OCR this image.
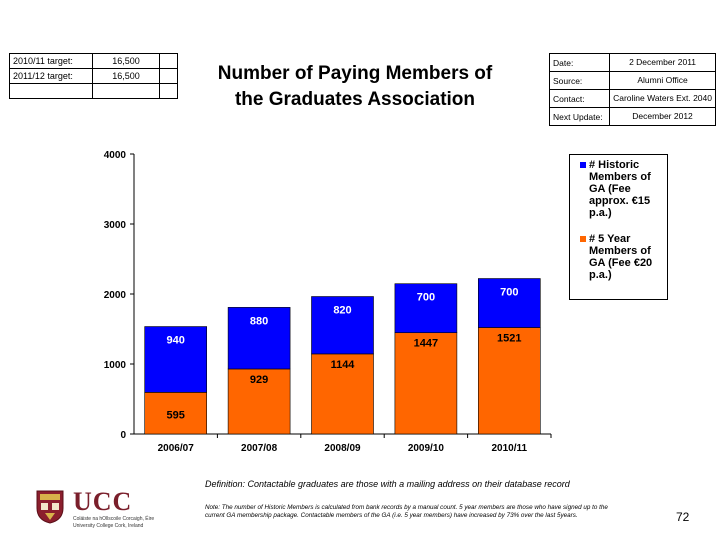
2010/11 target:	16,500	
2011/12 target:	16,500	
			Number of Paying Members of
the Graduates Association
Date:	2 December 2011
Source:	Alumni Office
Contact:	Caroline Waters Ext. 2040
Next Update:	December 2012
0
1000
2000
3000
4000
2006/07
595
940
2007/08
929
880
2008/09
1144
820
2009/10
1447
700
2010/11
1521
700
# Historic Members of GA (Fee approx. €15 p.a.)
# 5 Year Members of GA (Fee €20 p.a.)
Definition: Contactable graduates are those with a mailing address on their database record
Note: The number of Historic Members is calculated from bank records by a manual count. 5 year members are those who have signed up to the current GA membership package. Contactable members of the GA (i.e. 5 year members) have increased by 73% over the last 5years.	72
UCC
Coláiste na hOllscoile Corcaigh, Éire
University College Cork, Ireland
